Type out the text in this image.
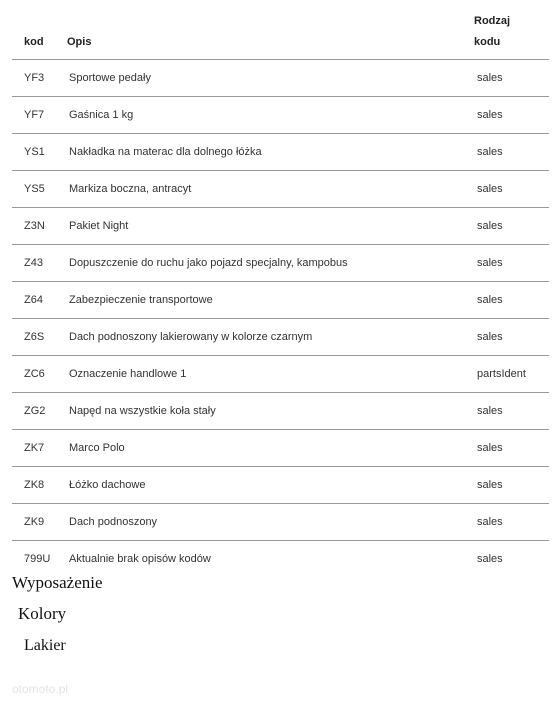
kod	Opis	Rodzaj
kodu
YF3	Sportowe pedały	sales
YF7	Gaśnica 1 kg	sales
YS1	Nakładka na materac dla dolnego łóżka	sales
YS5	Markiza boczna, antracyt	sales
Z3N	Pakiet Night	sales
Z43	Dopuszczenie do ruchu jako pojazd specjalny, kampobus	sales
Z64	Zabezpieczenie transportowe	sales
Z6S	Dach podnoszony lakierowany w kolorze czarnym	sales
ZC6	Oznaczenie handlowe 1	partsIdent
ZG2	Napęd na wszystkie koła stały	sales
ZK7	Marco Polo	sales
ZK8	Łóżko dachowe	sales
ZK9	Dach podnoszony	sales
799U	Aktualnie brak opisów kodów	sales
Wyposażenie
Kolory
Lakier
otomoto.pl
